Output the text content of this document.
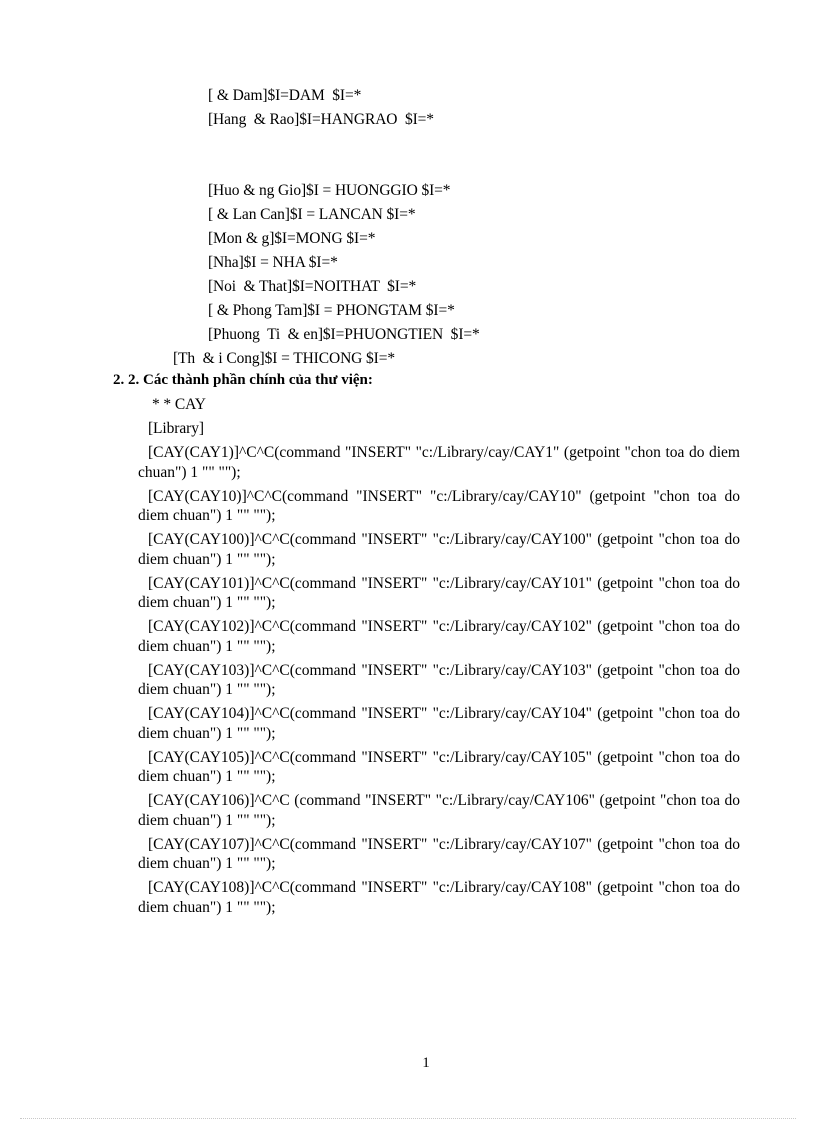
[ & Dam]$I=DAM  $I=*
[Hang  & Rao]$I=HANGRAO  $I=*
[Huo & ng Gio]$I = HUONGGIO $I=*
[ & Lan Can]$I = LANCAN $I=*
[Mon & g]$I=MONG $I=*
[Nha]$I = NHA $I=*
[Noi  & That]$I=NOITHAT  $I=*
[ & Phong Tam]$I = PHONGTAM $I=*
[Phuong  Ti  & en]$I=PHUONGTIEN  $I=*
[Th  & i Cong]$I = THICONG $I=*
2. 2. Các thành phần chính của thư viện:
* * CAY
[Library]

[CAY(CAY1)]^C^C(command "INSERT" "c:/Library/cay/CAY1" (getpoint "chon toa do diem chuan") 1 "" "");

[CAY(CAY10)]^C^C(command "INSERT" "c:/Library/cay/CAY10" (getpoint "chon toa do diem chuan") 1 "" "");

[CAY(CAY100)]^C^C(command "INSERT" "c:/Library/cay/CAY100" (getpoint "chon toa do diem chuan") 1 "" "");

[CAY(CAY101)]^C^C(command "INSERT" "c:/Library/cay/CAY101" (getpoint "chon toa do diem chuan") 1 "" "");

[CAY(CAY102)]^C^C(command "INSERT" "c:/Library/cay/CAY102" (getpoint "chon toa do diem chuan") 1 "" "");

[CAY(CAY103)]^C^C(command "INSERT" "c:/Library/cay/CAY103" (getpoint "chon toa do diem chuan") 1 "" "");

[CAY(CAY104)]^C^C(command "INSERT" "c:/Library/cay/CAY104" (getpoint "chon toa do diem chuan") 1 "" "");

[CAY(CAY105)]^C^C(command "INSERT" "c:/Library/cay/CAY105" (getpoint "chon toa do diem chuan") 1 "" "");

[CAY(CAY106)]^C^C (command "INSERT" "c:/Library/cay/CAY106" (getpoint "chon toa do diem chuan") 1 "" "");

[CAY(CAY107)]^C^C(command "INSERT" "c:/Library/cay/CAY107" (getpoint "chon toa do diem chuan") 1 "" "");

[CAY(CAY108)]^C^C(command "INSERT" "c:/Library/cay/CAY108" (getpoint "chon toa do diem chuan") 1 "" "");

1
